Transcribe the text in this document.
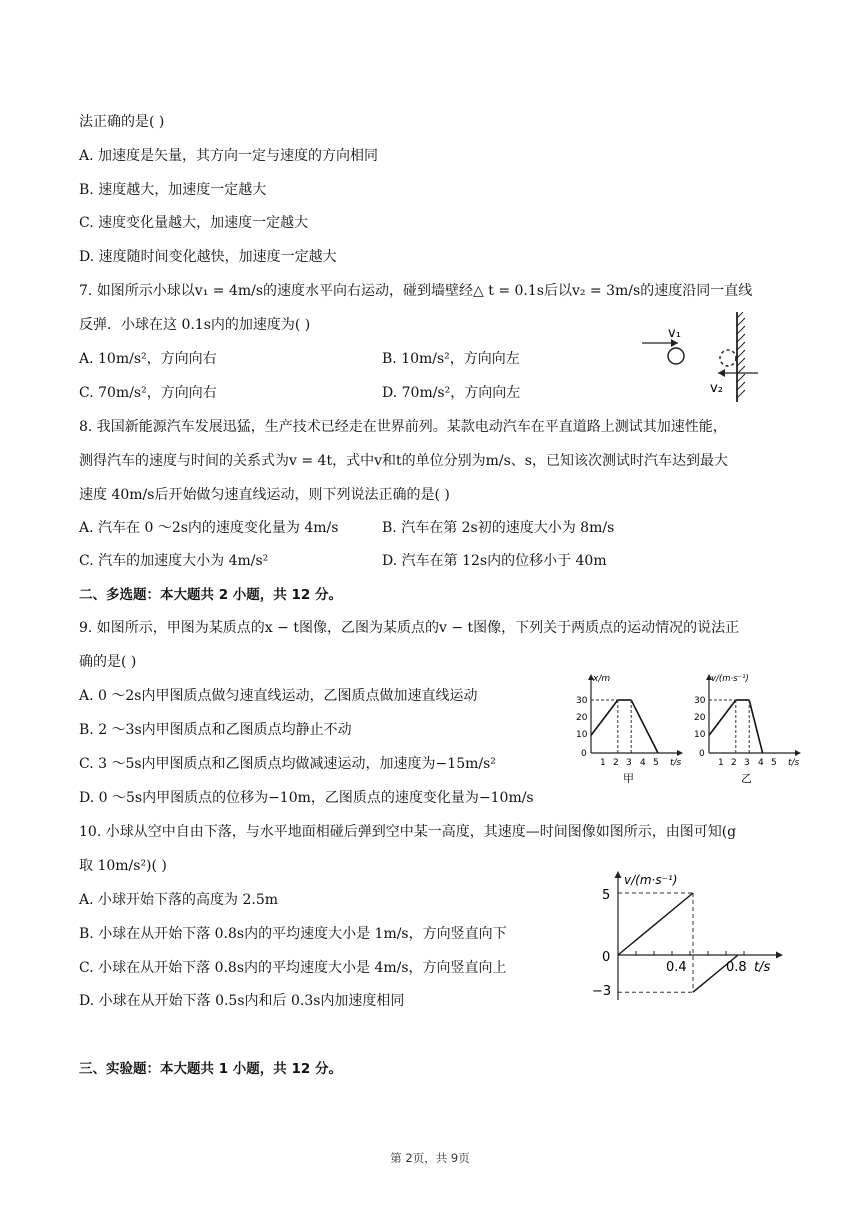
法正确的是( )
A. 加速度是矢量，其方向一定与速度的方向相同
B. 速度越大，加速度一定越大
C. 速度变化量越大，加速度一定越大
D. 速度随时间变化越快，加速度一定越大
7. 如图所示小球以v₁ = 4m/s的速度水平向右运动，碰到墙壁经△ t = 0.1s后以v₂ = 3m/s的速度沿同一直线
反弹．小球在这 0.1s内的加速度为( )
A. 10m/s²，方向向右	B. 10m/s²，方向向左
C. 70m/s²，方向向右	D. 70m/s²，方向向左
v₁
v₂
8. 我国新能源汽车发展迅猛，生产技术已经走在世界前列。某款电动汽车在平直道路上测试其加速性能，
测得汽车的速度与时间的关系式为v = 4t，式中v和t的单位分别为m/s、s，已知该次测试时汽车达到最大
速度 40m/s后开始做匀速直线运动，则下列说法正确的是( )
A. 汽车在 0 ～2s内的速度变化量为 4m/s	B. 汽车在第 2s初的速度大小为 8m/s
C. 汽车的加速度大小为 4m/s²	D. 汽车在第 12s内的位移小于 40m
二、多选题：本大题共 2 小题，共 12 分。
9. 如图所示，甲图为某质点的x − t图像，乙图为某质点的v − t图像，下列关于两质点的运动情况的说法正
确的是( )
A. 0 ～2s内甲图质点做匀速直线运动，乙图质点做加速直线运动
B. 2 ～3s内甲图质点和乙图质点均静止不动
C. 3 ～5s内甲图质点和乙图质点均做减速运动，加速度为−15m/s²
D. 0 ～5s内甲图质点的位移为−10m，乙图质点的速度变化量为−10m/s
x/m
30
20
10
0
1 2 3 4 5 t/s
甲
v/(m·s⁻¹)
30
20
10
0
1 2 3 4 5 t/s
乙
10. 小球从空中自由下落，与水平地面相碰后弹到空中某一高度，其速度—时间图像如图所示，由图可知(g
取 10m/s²)( )
A. 小球开始下落的高度为 2.5m
B. 小球在从开始下落 0.8s内的平均速度大小是 1m/s，方向竖直向下
C. 小球在从开始下落 0.8s内的平均速度大小是 4m/s，方向竖直向上
D. 小球在从开始下落 0.5s内和后 0.3s内加速度相同
v/(m·s⁻¹)
5
0
−3
0.4	0.8 t/s
三、实验题：本大题共 1 小题，共 12 分。
第 2页，共 9页
